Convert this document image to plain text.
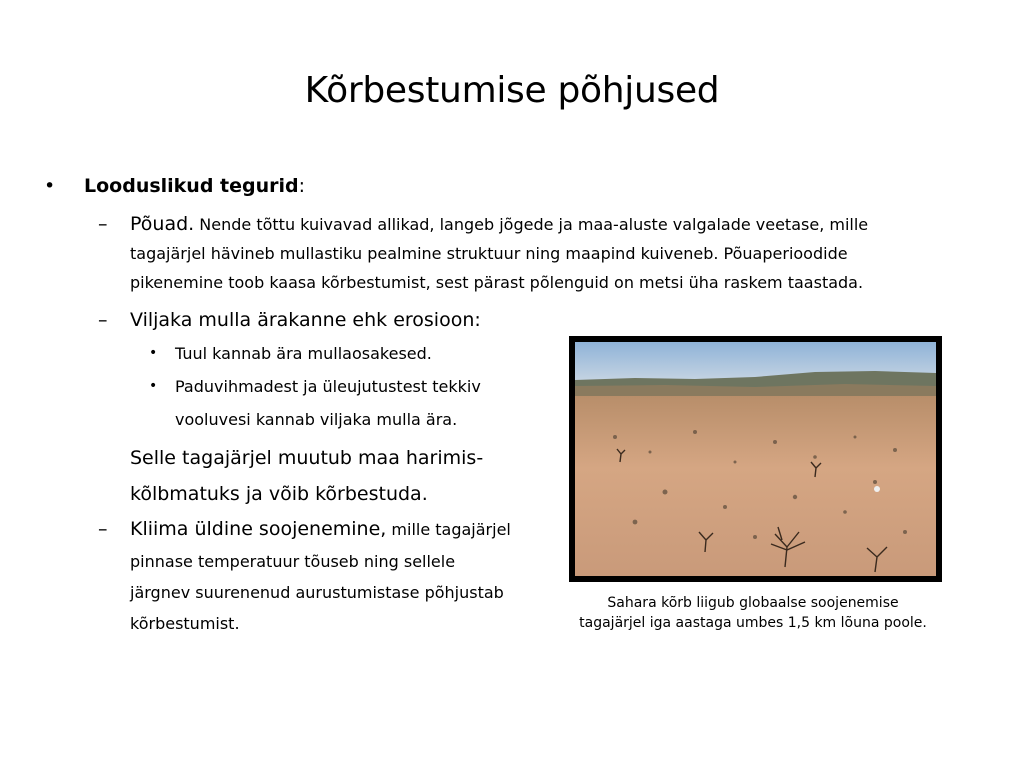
Kõrbestumise põhjused
• Looduslikud tegurid:
– Põuad. Nende tõttu kuivavad allikad, langeb jõgede ja maa-aluste valgalade veetase, mille
tagajärjel hävineb mullastiku pealmine struktuur ning maapind kuiveneb. Põuaperioodide
pikenemine toob kaasa kõrbestumist, sest pärast põlenguid on metsi üha raskem taastada.
– Viljaka mulla ärakanne ehk erosioon:
• Tuul kannab ära mullaosakesed.
• Paduvihmadest ja üleujutustest tekkiv
vooluvesi kannab viljaka mulla ära.
Selle tagajärjel muutub maa harimis-
kõlbmatuks ja võib kõrbestuda.
– Kliima üldine soojenemine, mille tagajärjel
pinnase temperatuur tõuseb ning sellele
järgnev suurenenud aurustumistase põhjustab
kõrbestumist.
Sahara kõrb liigub globaalse soojenemise
tagajärjel iga aastaga umbes 1,5 km lõuna poole.
